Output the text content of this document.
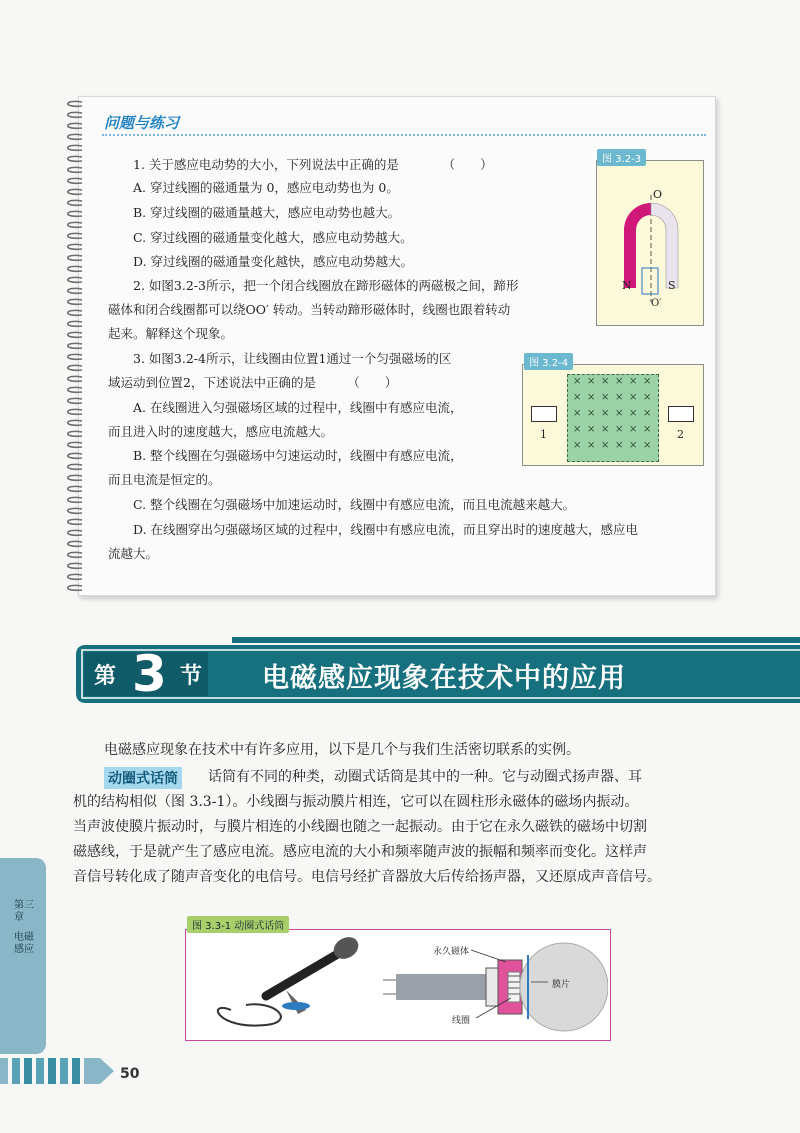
问题与练习
1. 关于感应电动势的大小，下列说法中正确的是　　　　（　　）
A. 穿过线圈的磁通量为 0，感应电动势也为 0。
B. 穿过线圈的磁通量越大，感应电动势也越大。
C. 穿过线圈的磁通量变化越大，感应电动势越大。
D. 穿过线圈的磁通量变化越快，感应电动势越大。
2. 如图3.2-3所示，把一个闭合线圈放在蹄形磁体的两磁极之间，蹄形
磁体和闭合线圈都可以绕OO′ 转动。当转动蹄形磁体时，线圈也跟着转动
起来。解释这个现象。
3. 如图3.2-4所示，让线圈由位置1通过一个匀强磁场的区
域运动到位置2，下述说法中正确的是　　　（　　）
A. 在线圈进入匀强磁场区域的过程中，线圈中有感应电流，
而且进入时的速度越大，感应电流越大。
B. 整个线圈在匀强磁场中匀速运动时，线圈中有感应电流，
而且电流是恒定的。
C. 整个线圈在匀强磁场中加速运动时，线圈中有感应电流，而且电流越来越大。
D. 在线圈穿出匀强磁场区域的过程中，线圈中有感应电流，而且穿出时的速度越大，感应电
流越大。
图 3.2-3
O
O′
N	S
图 3.2-4
× × × × × ×
× × × × × ×
× × × × × ×
× × × × × ×
× × × × × ×
1	2
第 3 节 电磁感应现象在技术中的应用
电磁感应现象在技术中有许多应用，以下是几个与我们生活密切联系的实例。
动圈式话筒 话筒有不同的种类，动圈式话筒是其中的一种。它与动圈式扬声器、耳
机的结构相似（图 3.3-1）。小线圈与振动膜片相连，它可以在圆柱形永磁体的磁场内振动。
当声波使膜片振动时，与膜片相连的小线圈也随之一起振动。由于它在永久磁铁的磁场中切割
磁感线，于是就产生了感应电流。感应电流的大小和频率随声波的振幅和频率而变化。这样声
音信号转化成了随声音变化的电信号。电信号经扩音器放大后传给扬声器，又还原成声音信号。
图 3.3-1 动圈式话筒
永久磁体
膜片
线圈
第三章
电磁感应
50
